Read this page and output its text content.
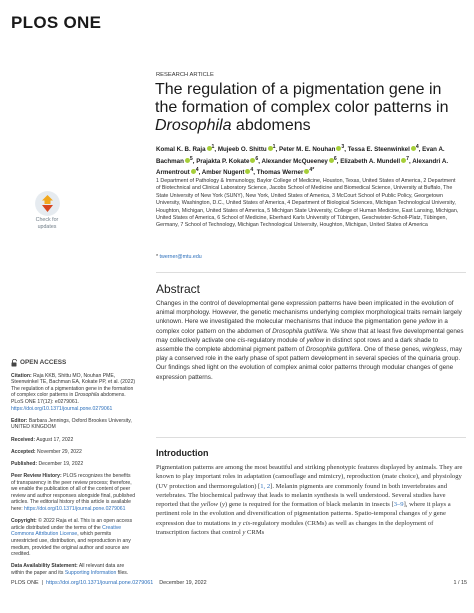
PLOS ONE
RESEARCH ARTICLE
The regulation of a pigmentation gene in the formation of complex color patterns in Drosophila abdomens
Komal K. B. Raja $^1$, Mujeeb O. Shittu $^1$, Peter M. E. Nouhan $^3$, Tessa E. Steenwinkel $^4$, Evan A. Bachman $^5$, Prajakta P. Kokate $^6$, Alexander McQueeney $^6$, Elizabeth A. Mundell $^7$, Alexandri A. Armentrout $^4$, Amber Nugent $^4$, Thomas Werner $^{4*}$
1 Department of Pathology & Immunology, Baylor College of Medicine, Houston, Texas, United States of America, 2 Department of Biotechnical and Clinical Laboratory Science, Jacobs School of Medicine and Biomedical Science, University at Buffalo, The State University of New York (SUNY), New York, United States of America, 3 McCourt School of Public Policy, Georgetown University, Washington, D.C., United States of America, 4 Department of Biological Sciences, Michigan Technological University, Houghton, Michigan, United States of America, 5 Michigan State University, College of Human Medicine, East Lansing, Michigan, United States of America, 6 School of Medicine, Eberhard Karls University of Tübingen, Geschwister-Scholl-Platz, Tübingen, Germany, 7 School of Technology, Michigan Technological University, Houghton, Michigan, United States of America
* twerner@mtu.edu
Abstract

Changes in the control of developmental gene expression patterns have been implicated in the evolution of animal morphology. However, the genetic mechanisms underlying complex morphological traits remain largely unknown. Here we investigated the molecular mechanisms that induce the pigmentation gene yellow in a complex color pattern on the abdomen of Drosophila guttifera. We show that at least five developmental genes may collectively activate one cis-regulatory module of yellow in distinct spot rows and a dark shade to assemble the complete abdominal pigment pattern of Drosophila guttifera. One of these genes, wingless, may play a conserved role in the early phase of spot pattern development in several species of the quinaria group. Our findings shed light on the evolution of complex animal color patterns through modular changes of gene expression patterns.

Introduction

Pigmentation patterns are among the most beautiful and striking phenotypic features displayed by animals. They are known to play important roles in adaptation (camouflage and mimicry), reproduction (mate choice), and physiology (UV protection and thermoregulation) [1, 2]. Melanin pigments are commonly found in both invertebrates and vertebrates. The biochemical pathway that leads to melanin synthesis is well understood. Several studies have reported that the yellow (y) gene is required for the formation of black melanin in insects [3–9], where it plays a pertinent role in the evolution and diversification of pigmentation patterns. Spatio-temporal changes of y gene expression due to mutations in y cis-regulatory modules (CRMs) as well as changes in the deployment of transcription factors that control y CRMs

Check for
updates
OPEN ACCESS

Citation: Raja KKB, Shittu MO, Nouhan PME, Steenwinkel TE, Bachman EA, Kokate PP, et al. (2022) The regulation of a pigmentation gene in the formation of complex color patterns in Drosophila abdomens. PLoS ONE 17(12): e0279061. https://doi.org/10.1371/journal.pone.0279061

Editor: Barbara Jennings, Oxford Brookes University, UNITED KINGDOM

Received: August 17, 2022

Accepted: November 29, 2022

Published: December 19, 2022

Peer Review History: PLOS recognizes the benefits of transparency in the peer review process; therefore, we enable the publication of all of the content of peer review and author responses alongside final, published articles. The editorial history of this article is available here: https://doi.org/10.1371/journal.pone.0279061

Copyright: © 2022 Raja et al. This is an open access article distributed under the terms of the Creative Commons Attribution License, which permits unrestricted use, distribution, and reproduction in any medium, provided the original author and source are credited.

Data Availability Statement: All relevant data are within the paper and its Supporting Information files.

PLOS ONE  |  https://doi.org/10.1371/journal.pone.0279061 December 19, 2022	1 / 15
